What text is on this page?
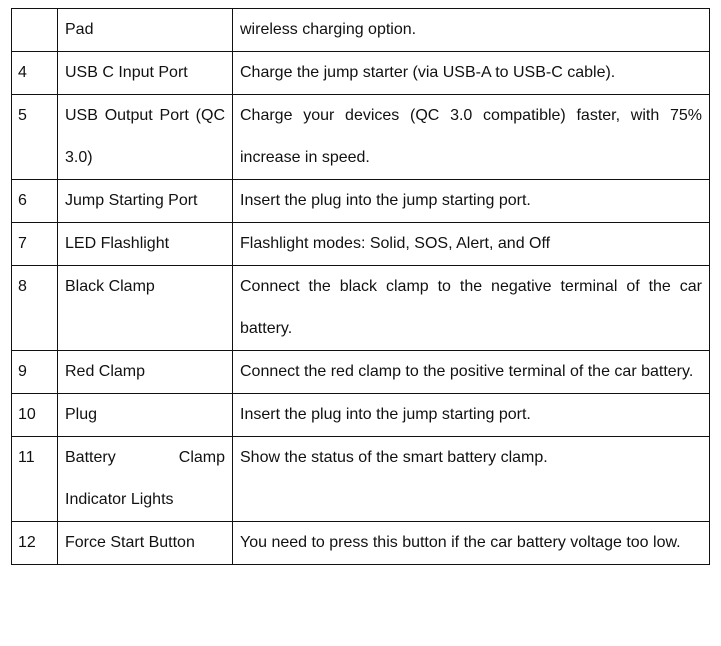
	Pad	wireless charging option.
4	USB C Input Port	Charge the jump starter (via USB-A to USB-C cable).
5	USB Output Port (QC 3.0)	Charge your devices (QC 3.0 compatible) faster, with 75% increase in speed.
6	Jump Starting Port	Insert the plug into the jump starting port.
7	LED Flashlight	Flashlight modes: Solid, SOS, Alert, and Off
8	Black Clamp	Connect the black clamp to the negative terminal of the car battery.
9	Red Clamp	Connect the red clamp to the positive terminal of the car battery.
10	Plug	Insert the plug into the jump starting port.
11	Battery Clamp Indicator Lights	Show the status of the smart battery clamp.
12	Force Start Button	You need to press this button if the car battery voltage too low.
